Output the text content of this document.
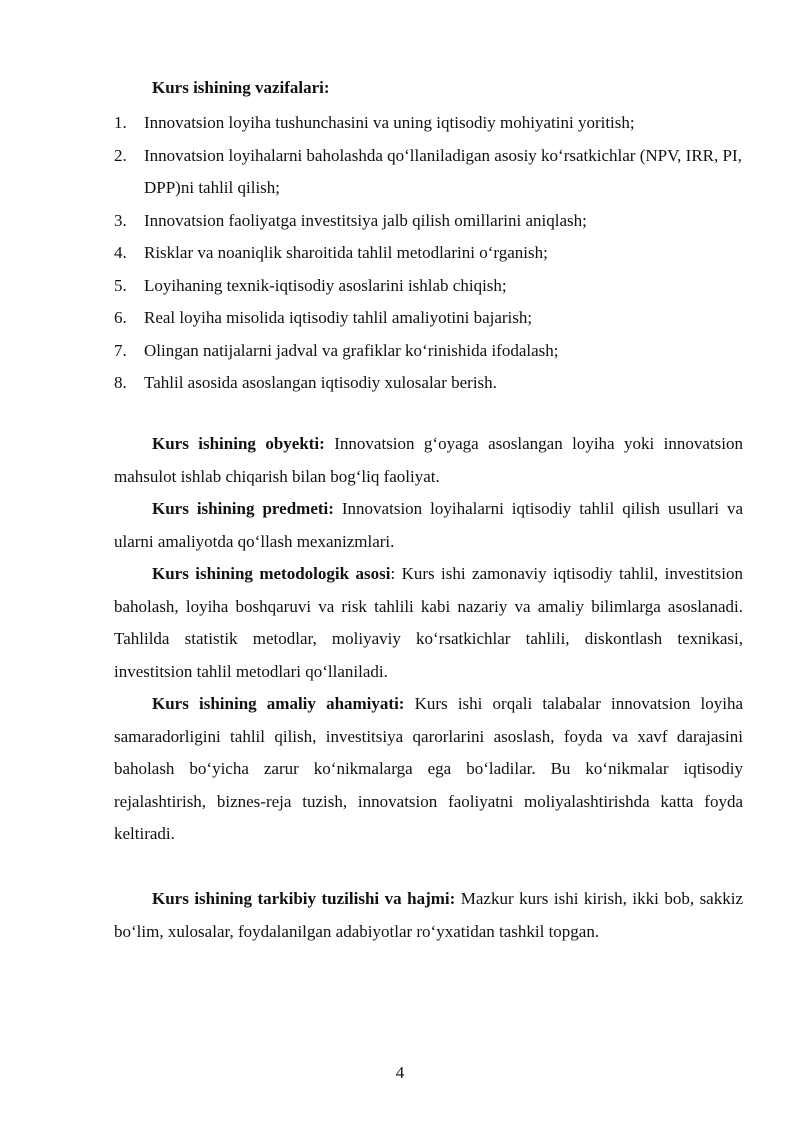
Kurs ishining vazifalari:
1. Innovatsion loyiha tushunchasini va uning iqtisodiy mohiyatini yoritish;
2. Innovatsion loyihalarni baholashda qo‘llaniladigan asosiy ko‘rsatkichlar (NPV, IRR, PI, DPP)ni tahlil qilish;
3. Innovatsion faoliyatga investitsiya jalb qilish omillarini aniqlash;
4. Risklar va noaniqlik sharoitida tahlil metodlarini o‘rganish;
5. Loyihaning texnik-iqtisodiy asoslarini ishlab chiqish;
6. Real loyiha misolida iqtisodiy tahlil amaliyotini bajarish;
7. Olingan natijalarni jadval va grafiklar ko‘rinishida ifodalash;
8. Tahlil asosida asoslangan iqtisodiy xulosalar berish.

Kurs ishining obyekti: Innovatsion g‘oyaga asoslangan loyiha yoki innovatsion mahsulot ishlab chiqarish bilan bog‘liq faoliyat.

Kurs ishining predmeti: Innovatsion loyihalarni iqtisodiy tahlil qilish usullari va ularni amaliyotda qo‘llash mexanizmlari.

Kurs ishining metodologik asosi: Kurs ishi zamonaviy iqtisodiy tahlil, investitsion baholash, loyiha boshqaruvi va risk tahlili kabi nazariy va amaliy bilimlarga asoslanadi. Tahlilda statistik metodlar, moliyaviy ko‘rsatkichlar tahlili, diskontlash texnikasi, investitsion tahlil metodlari qo‘llaniladi.

Kurs ishining amaliy ahamiyati: Kurs ishi orqali talabalar innovatsion loyiha samaradorligini tahlil qilish, investitsiya qarorlarini asoslash, foyda va xavf darajasini baholash bo‘yicha zarur ko‘nikmalarga ega bo‘ladilar. Bu ko‘nikmalar iqtisodiy rejalashtirish, biznes-reja tuzish, innovatsion faoliyatni moliyalashtirishda katta foyda keltiradi.

Kurs ishining tarkibiy tuzilishi va hajmi: Mazkur kurs ishi kirish, ikki bob, sakkiz bo‘lim, xulosalar, foydalanilgan adabiyotlar ro‘yxatidan tashkil topgan.

4
